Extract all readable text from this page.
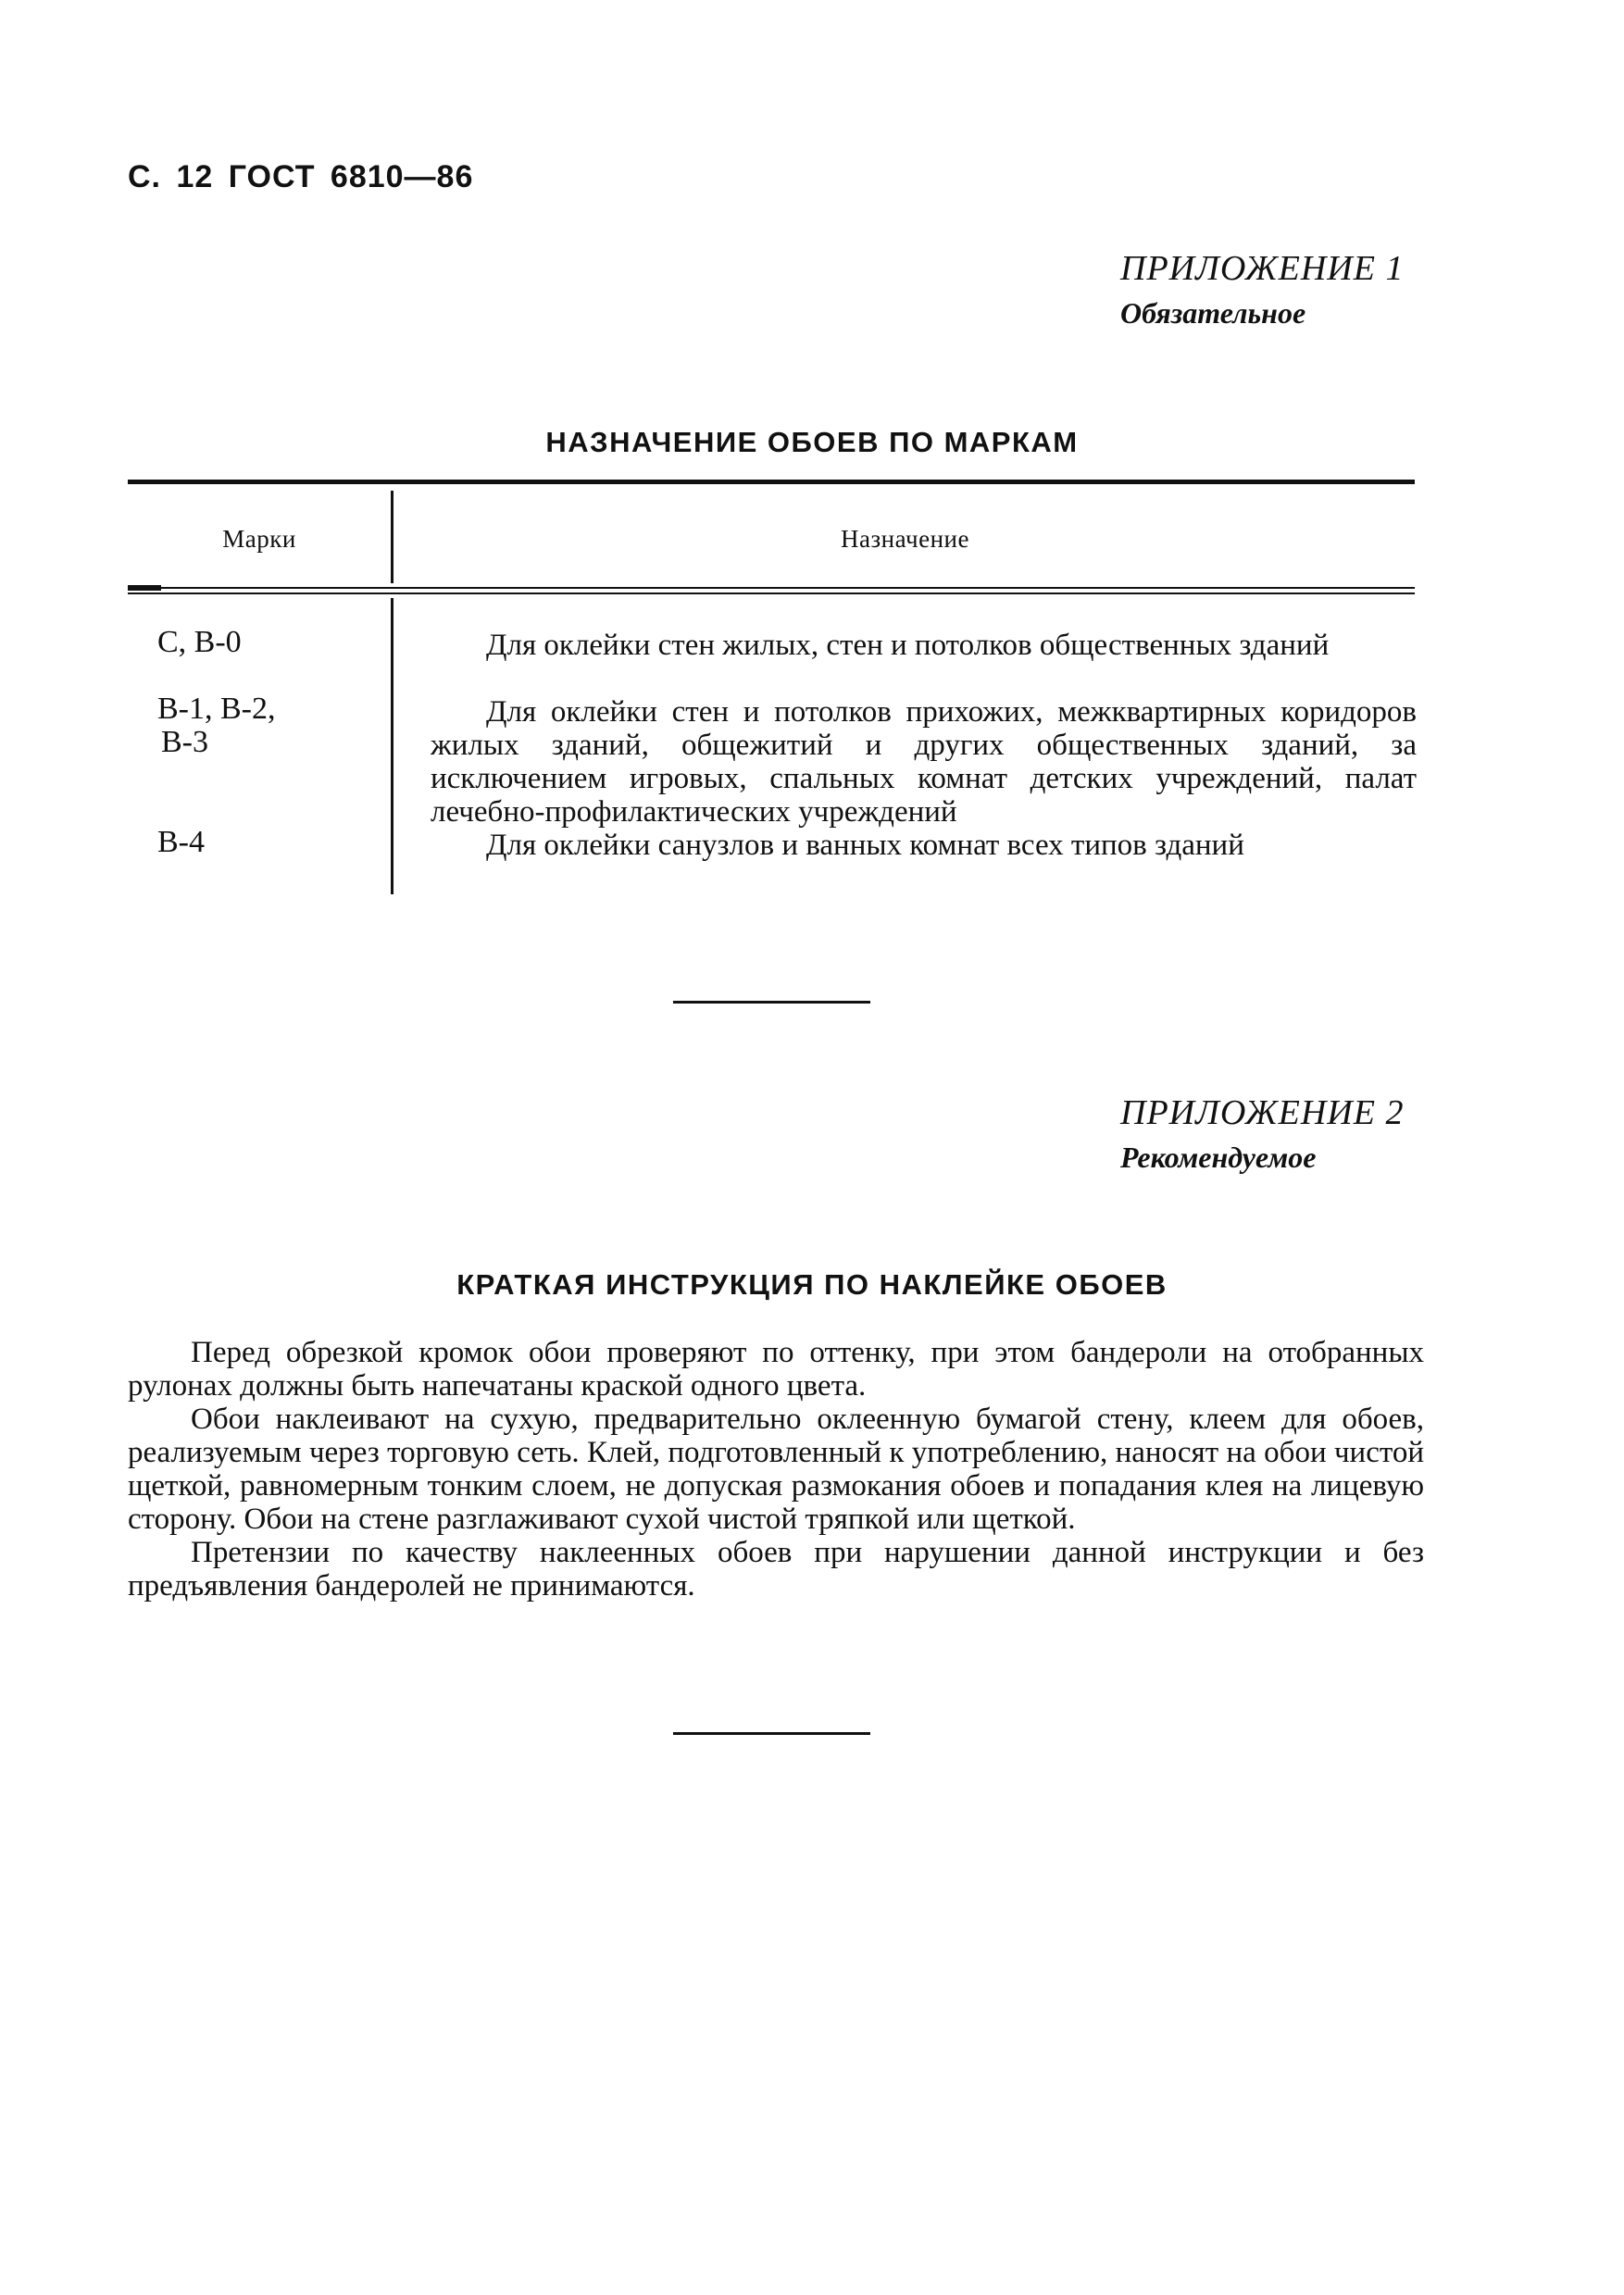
С. 12 ГОСТ 6810—86
ПРИЛОЖЕНИЕ 1
Обязательное
НАЗНАЧЕНИЕ ОБОЕВ ПО МАРКАМ
Марки	Назначение
С, В-0
В-1, В-2,
В-3
В-4

Для оклейки стен жилых, стен и потолков общественных зданий

Для оклейки стен и потолков прихожих, межквартирных коридоров жилых зданий, общежитий и других общественных зданий, за исключением игровых, спальных комнат детских учреждений, палат лечебно-профилактических учреждений

Для оклейки санузлов и ванных комнат всех типов зданий

ПРИЛОЖЕНИЕ 2
Рекомендуемое
КРАТКАЯ ИНСТРУКЦИЯ ПО НАКЛЕЙКЕ ОБОЕВ

Перед обрезкой кромок обои проверяют по оттенку, при этом бандероли на отобранных рулонах должны быть напечатаны краской одного цвета.

Обои наклеивают на сухую, предварительно оклеенную бумагой стену, клеем для обоев, реализуемым через торговую сеть. Клей, подготовленный к употреблению, наносят на обои чистой щеткой, равномерным тонким слоем, не допуская размокания обоев и попадания клея на лицевую сторону. Обои на стене разглаживают сухой чистой тряпкой или щеткой.

Претензии по качеству наклеенных обоев при нарушении данной инструкции и без предъявления бандеролей не принимаются.
